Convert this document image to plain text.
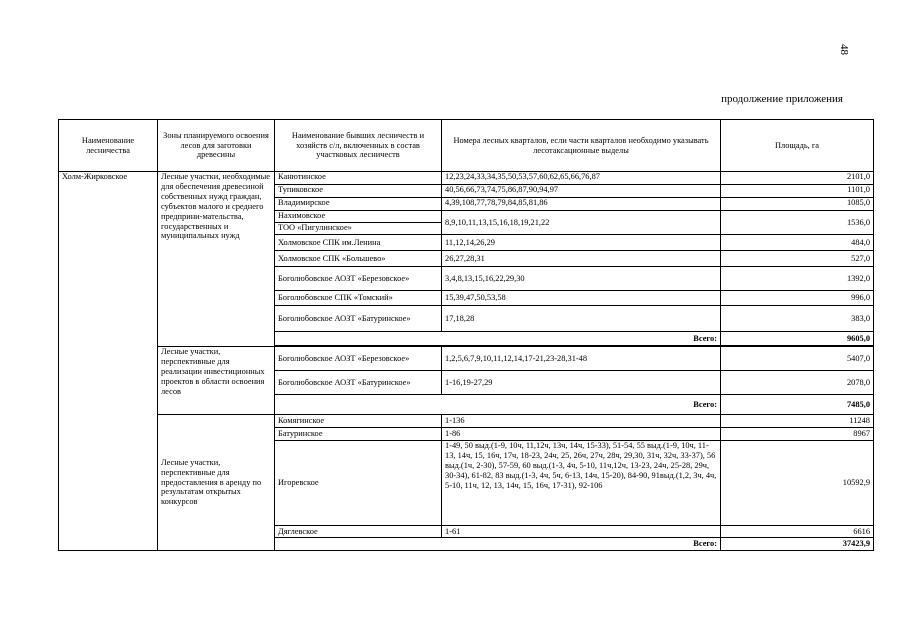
48
продолжение приложения
Наименование лесничества	Зоны планируемого освоения лесов для заготовки древесины	Наименование бывших лесничеств и хозяйств с/л, включенных в состав участковых лесничеств	Номера лесных кварталов, если части кварталов необходимо указывать лесотаксационные выделы	Площадь, га
Холм-Жирковское	Лесные участки, необходимые для обеспечения древесиной собственных нужд граждан, субъектов малого и среднего предприни-мательства, государственных и муниципальных нужд	Канютинское	12,23,24,33,34,35,50,53,57,60,62,65,66,76,87	2101,0
		Тупиковское	40,56,66,73,74,75,86,87,90,94,97	1101,0
		Владимирское	4,39,108,77,78,79,84,85,81,86	1085,0
		Нахимовское	8,9,10,11,13,15,16,18,19,21,22	1536,0
		ТОО «Пигулинское»		
		Холмовское СПК им.Ленина	11,12,14,26,29	484,0
		Холмовское СПК «Большево»	26,27,28,31	527,0
		Боголюбовское АОЗТ «Березовское»	3,4,8,13,15,16,22,29,30	1392,0
		Боголюбовское СПК «Томский»	15,39,47,50,53,58	996,0
		Боголюбовское АОЗТ «Батуринское»	17,18,28	383,0
		Всего:		9605,0

	Лесные участки, перспективные для реализации инвестиционных проектов в области освоения лесов	Боголюбовское АОЗТ «Березовское»	1,2,5,6,7,9,10,11,12,14,17-21,23-28,31-48	5407,0
		Боголюбовское АОЗТ «Батуринское»	1-16,19-27,29	2078,0
		Всего:		7485,0
	Лесные участки, перспективные для предоставления в аренду по результатам открытых конкурсов	Комягинское	1-136	11248
		Батуринское	1-86	8967
		Игоревское	1-49, 50 выд.(1-9, 10ч, 11,12ч, 13ч, 14ч, 15-33), 51-54, 55 выд.(1-9, 10ч, 11-13, 14ч, 15, 16ч, 17ч, 18-23, 24ч, 25, 26ч, 27ч, 28ч, 29,30, 31ч, 32ч, 33-37), 56 выд.(1ч, 2-30), 57-59, 60 выд.(1-3, 4ч, 5-10, 11ч,12ч, 13-23, 24ч, 25-28, 29ч, 30-34), 61-82, 83 выд.(1-3, 4ч, 5ч, 6-13, 14ч, 15-20), 84-90, 91выд.(1,2, 3ч, 4ч, 5-10, 11ч, 12, 13, 14ч, 15, 16ч, 17-31), 92-106	10592,9
		Дяглевское	1-61	6616
		Всего:		37423,9
